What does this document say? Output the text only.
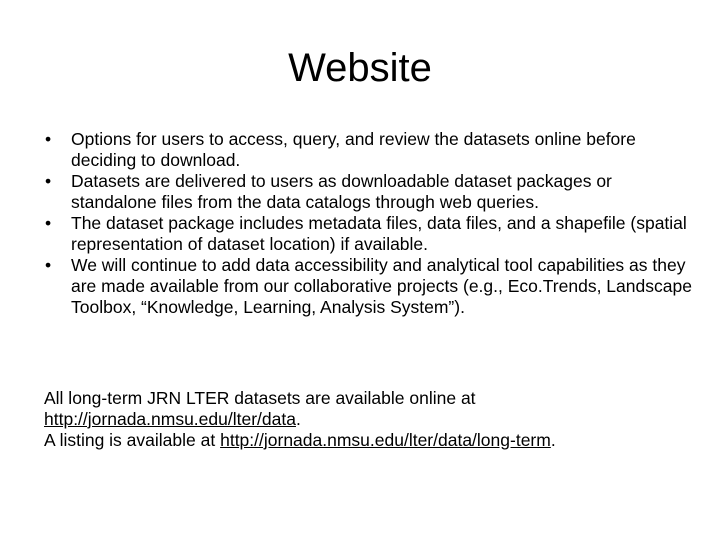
Website
• Options for users to access, query, and review the datasets online before deciding to download.
• Datasets are delivered to users as downloadable dataset packages or standalone files from the data catalogs through web queries.
• The dataset package includes metadata files, data files, and a shapefile (spatial representation of dataset location) if available.
• We will continue to add data accessibility and analytical tool capabilities as they are made available from our collaborative projects (e.g., Eco.Trends, Landscape Toolbox, “Knowledge, Learning, Analysis System”).
All long-term JRN LTER datasets are available online at
http://jornada.nmsu.edu/lter/data.
A listing is available at http://jornada.nmsu.edu/lter/data/long-term.
